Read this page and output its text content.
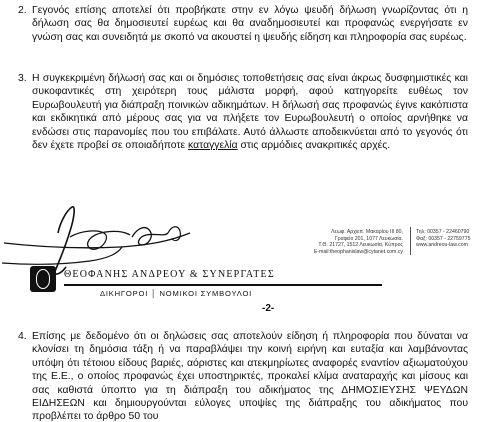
2. Γεγονός επίσης αποτελεί ότι προβήκατε στην εν λόγω ψευδή δήλωση γνωρίζοντας ότι η δήλωση σας θα δημοσιευτεί ευρέως και θα αναδημοσιευτεί και προφανώς ενεργήσατε εν γνώση σας και συνειδητά με σκοπό να ακουστεί η ψευδής είδηση και πληροφορία σας ευρέως.
3. Η συγκεκριμένη δήλωσή σας και οι δημόσιες τοποθετήσεις σας είναι άκρως δυσφημιστικές και συκοφαντικές στη χειρότερη τους μάλιστα μορφή, αφού κατηγορείτε ευθέως τον Ευρωβουλευτή για διάπραξη ποινικών αδικημάτων. Η δήλωσή σας προφανώς έγινε κακόπιστα και εκδικητικά από μέρους σας για να πλήξετε τον Ευρωβουλευτή ο οποίος αρνήθηκε να ενδώσει στις παρανομίες που του επιβάλατε. Αυτό άλλωστε αποδεικνύεται από το γεγονός ότι δεν έχετε προβεί σε οποιαδήποτε καταγγελία στις αρμόδιες ανακριτικές αρχές.
Λεωφ. Αρχιεπ. Μακαρίου ΙΙΙ 80,
Γραφείο 201, 1077 Λευκωσία.
Τ.Θ. 21727, 1512 Λευκωσία, Κύπρος
E-mail:theophanislaw@cytanet.com.cy
Τηλ: 00357 - 22460790
Φαξ: 00357 - 22759775
www.andreou-law.com
ΘΕΟΦΑΝΗΣ ΑΝΔΡΕΟΥ & ΣΥΝΕΡΓΑΤΕΣ
ΔΙΚΗΓΟΡΟΙ │ ΝΟΜΙΚΟΙ ΣΥΜΒΟΥΛΟΙ
-2-
4. Επίσης με δεδομένο ότι οι δηλώσεις σας αποτελούν είδηση ή πληροφορία που δύναται να κλονίσει τη δημόσια τάξη ή να παραβλάψει την κοινή ειρήνη και ευταξία και λαμβάνοντας υπόψη ότι τέτοιου είδους βαριές, αόριστες και ατεκμηρίωτες αναφορές εναντίον αξιωματούχου της Ε.Ε., ο οποίος προφανώς έχει υποστηρικτές, προκαλεί κλίμα αναταραχής και μίσους και σας καθιστά ύποπτο για τη διάπραξη του αδικήματος της ΔΗΜΟΣΙΕΥΣΗΣ ΨΕΥΔΩΝ ΕΙΔΗΣΕΩΝ και δημιουργούνται εύλογες υποψίες της διάπραξης του αδικήματος που προβλέπει το άρθρο 50 του
